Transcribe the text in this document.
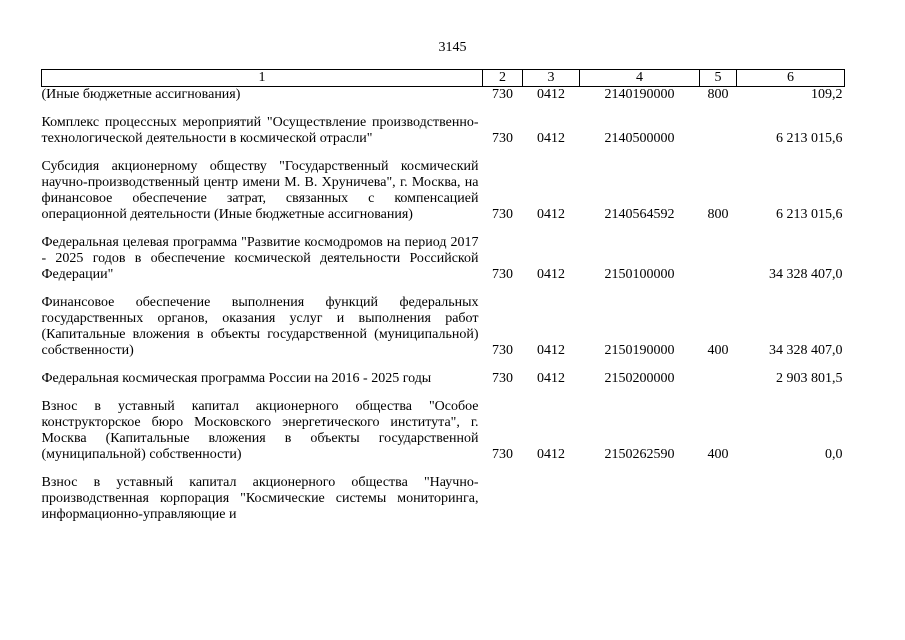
3145
1	2	3	4	5	6
(Иные бюджетные ассигнования)	730	0412	2140190000	800	109,2

Комплекс процессных мероприятий "Осуществление производственно-технологической деятельности в космической отрасли"	730	0412	2140500000		6 213 015,6

Субсидия акционерному обществу "Государственный космический научно-производственный центр имени М. В. Хруничева", г. Москва, на финансовое обеспечение затрат, связанных с компенсацией операционной деятельности (Иные бюджетные ассигнования)	730	0412	2140564592	800	6 213 015,6

Федеральная целевая программа "Развитие космодромов на период 2017 - 2025 годов в обеспечение космической деятельности Российской Федерации"	730	0412	2150100000		34 328 407,0

Финансовое обеспечение выполнения функций федеральных государственных органов, оказания услуг и выполнения работ (Капитальные вложения в объекты государственной (муниципальной) собственности)	730	0412	2150190000	400	34 328 407,0

Федеральная космическая программа России на 2016 - 2025 годы	730	0412	2150200000		2 903 801,5

Взнос в уставный капитал акционерного общества "Особое конструкторское бюро Московского энергетического института", г. Москва (Капитальные вложения в объекты государственной (муниципальной) собственности)	730	0412	2150262590	400	0,0

Взнос в уставный капитал акционерного общества "Научно-производственная корпорация "Космические системы мониторинга, информационно-управляющие и					
